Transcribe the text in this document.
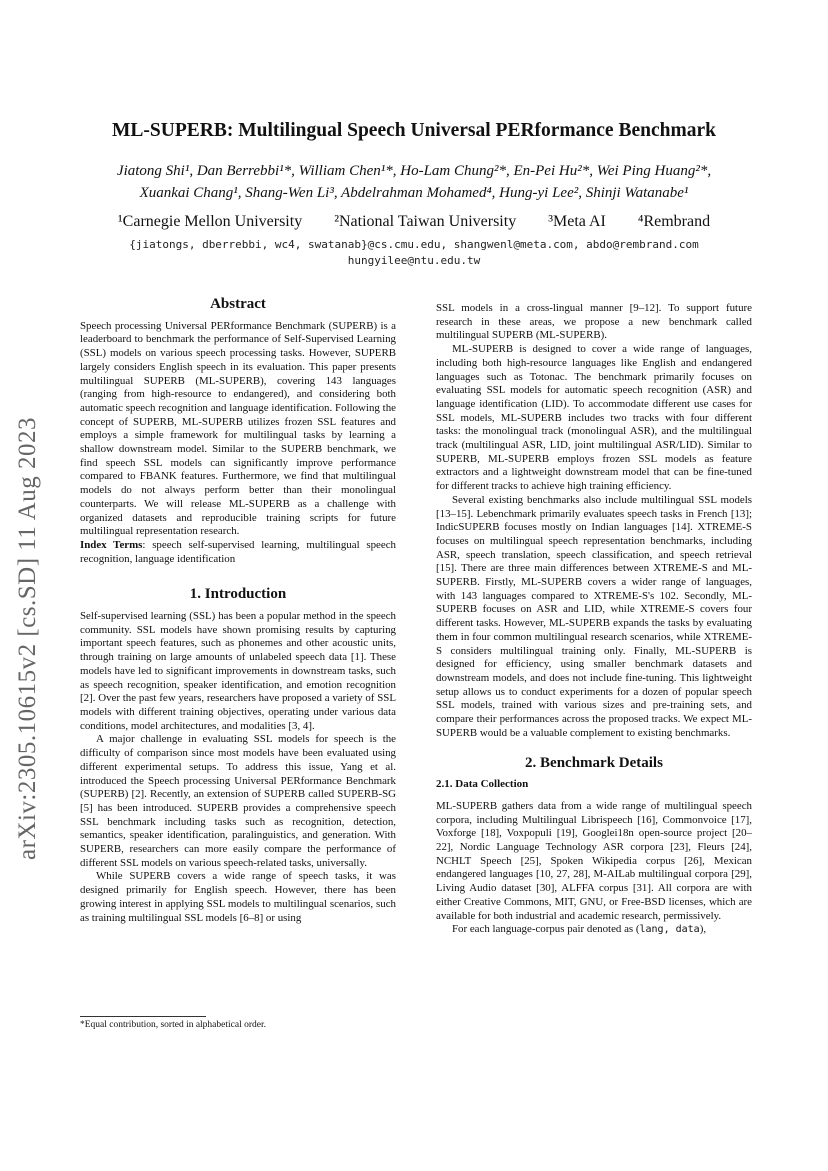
ML-SUPERB: Multilingual Speech Universal PERformance Benchmark
Jiatong Shi¹, Dan Berrebbi¹*, William Chen¹*, Ho-Lam Chung²*, En-Pei Hu²*, Wei Ping Huang²*,
Xuankai Chang¹, Shang-Wen Li³, Abdelrahman Mohamed⁴, Hung-yi Lee², Shinji Watanabe¹
¹Carnegie Mellon University ²National Taiwan University ³Meta AI ⁴Rembrand
{jiatongs, dberrebbi, wc4, swatanab}@cs.cmu.edu, shangwenl@meta.com, abdo@rembrand.com
hungyilee@ntu.edu.tw
arXiv:2305.10615v2 [cs.SD] 11 Aug 2023
Abstract

Speech processing Universal PERformance Benchmark (SUPERB) is a leaderboard to benchmark the performance of Self-Supervised Learning (SSL) models on various speech processing tasks. However, SUPERB largely considers English speech in its evaluation. This paper presents multilingual SUPERB (ML-SUPERB), covering 143 languages (ranging from high-resource to endangered), and considering both automatic speech recognition and language identification. Following the concept of SUPERB, ML-SUPERB utilizes frozen SSL features and employs a simple framework for multilingual tasks by learning a shallow downstream model. Similar to the SUPERB benchmark, we find speech SSL models can significantly improve performance compared to FBANK features. Furthermore, we find that multilingual models do not always perform better than their monolingual counterparts. We will release ML-SUPERB as a challenge with organized datasets and reproducible training scripts for future multilingual representation research.

Index Terms: speech self-supervised learning, multilingual speech recognition, language identification

1. Introduction

Self-supervised learning (SSL) has been a popular method in the speech community. SSL models have shown promising results by capturing important speech features, such as phonemes and other acoustic units, through training on large amounts of unlabeled speech data [1]. These models have led to significant improvements in downstream tasks, such as speech recognition, speaker identification, and emotion recognition [2]. Over the past few years, researchers have proposed a variety of SSL models with different training objectives, operating under various data conditions, model architectures, and modalities [3, 4].

A major challenge in evaluating SSL models for speech is the difficulty of comparison since most models have been evaluated using different experimental setups. To address this issue, Yang et al. introduced the Speech processing Universal PERformance Benchmark (SUPERB) [2]. Recently, an extension of SUPERB called SUPERB-SG [5] has been introduced. SUPERB provides a comprehensive speech SSL benchmark including tasks such as recognition, detection, semantics, speaker identification, paralinguistics, and generation. With SUPERB, researchers can more easily compare the performance of different SSL models on various speech-related tasks, universally.

While SUPERB covers a wide range of speech tasks, it was designed primarily for English speech. However, there has been growing interest in applying SSL models to multilingual scenarios, such as training multilingual SSL models [6–8] or using

*Equal contribution, sorted in alphabetical order.

SSL models in a cross-lingual manner [9–12]. To support future research in these areas, we propose a new benchmark called multilingual SUPERB (ML-SUPERB).

ML-SUPERB is designed to cover a wide range of languages, including both high-resource languages like English and endangered languages such as Totonac. The benchmark primarily focuses on evaluating SSL models for automatic speech recognition (ASR) and language identification (LID). To accommodate different use cases for SSL models, ML-SUPERB includes two tracks with four different tasks: the monolingual track (monolingual ASR), and the multilingual track (multilingual ASR, LID, joint multilingual ASR/LID). Similar to SUPERB, ML-SUPERB employs frozen SSL models as feature extractors and a lightweight downstream model that can be fine-tuned for different tracks to achieve high training efficiency.

Several existing benchmarks also include multilingual SSL models [13–15]. Lebenchmark primarily evaluates speech tasks in French [13]; IndicSUPERB focuses mostly on Indian languages [14]. XTREME-S focuses on multilingual speech representation benchmarks, including ASR, speech translation, speech classification, and speech retrieval [15]. There are three main differences between XTREME-S and ML-SUPERB. Firstly, ML-SUPERB covers a wider range of languages, with 143 languages compared to XTREME-S's 102. Secondly, ML-SUPERB focuses on ASR and LID, while XTREME-S covers four different tasks. However, ML-SUPERB expands the tasks by evaluating them in four common multilingual research scenarios, while XTREME-S considers multilingual training only. Finally, ML-SUPERB is designed for efficiency, using smaller benchmark datasets and downstream models, and does not include fine-tuning. This lightweight setup allows us to conduct experiments for a dozen of popular speech SSL models, trained with various sizes and pre-training sets, and compare their performances across the proposed tracks. We expect ML-SUPERB would be a valuable complement to existing benchmarks.

2. Benchmark Details
2.1. Data Collection

ML-SUPERB gathers data from a wide range of multilingual speech corpora, including Multilingual Librispeech [16], Commonvoice [17], Voxforge [18], Voxpopuli [19], Googlei18n open-source project [20–22], Nordic Language Technology ASR corpora [23], Fleurs [24], NCHLT Speech [25], Spoken Wikipedia corpus [26], Mexican endangered languages [10, 27, 28], M-AILab multilingual corpora [29], Living Audio dataset [30], ALFFA corpus [31]. All corpora are with either Creative Commons, MIT, GNU, or Free-BSD licenses, which are available for both industrial and academic research, permissively.

For each language-corpus pair denoted as (lang, data),
